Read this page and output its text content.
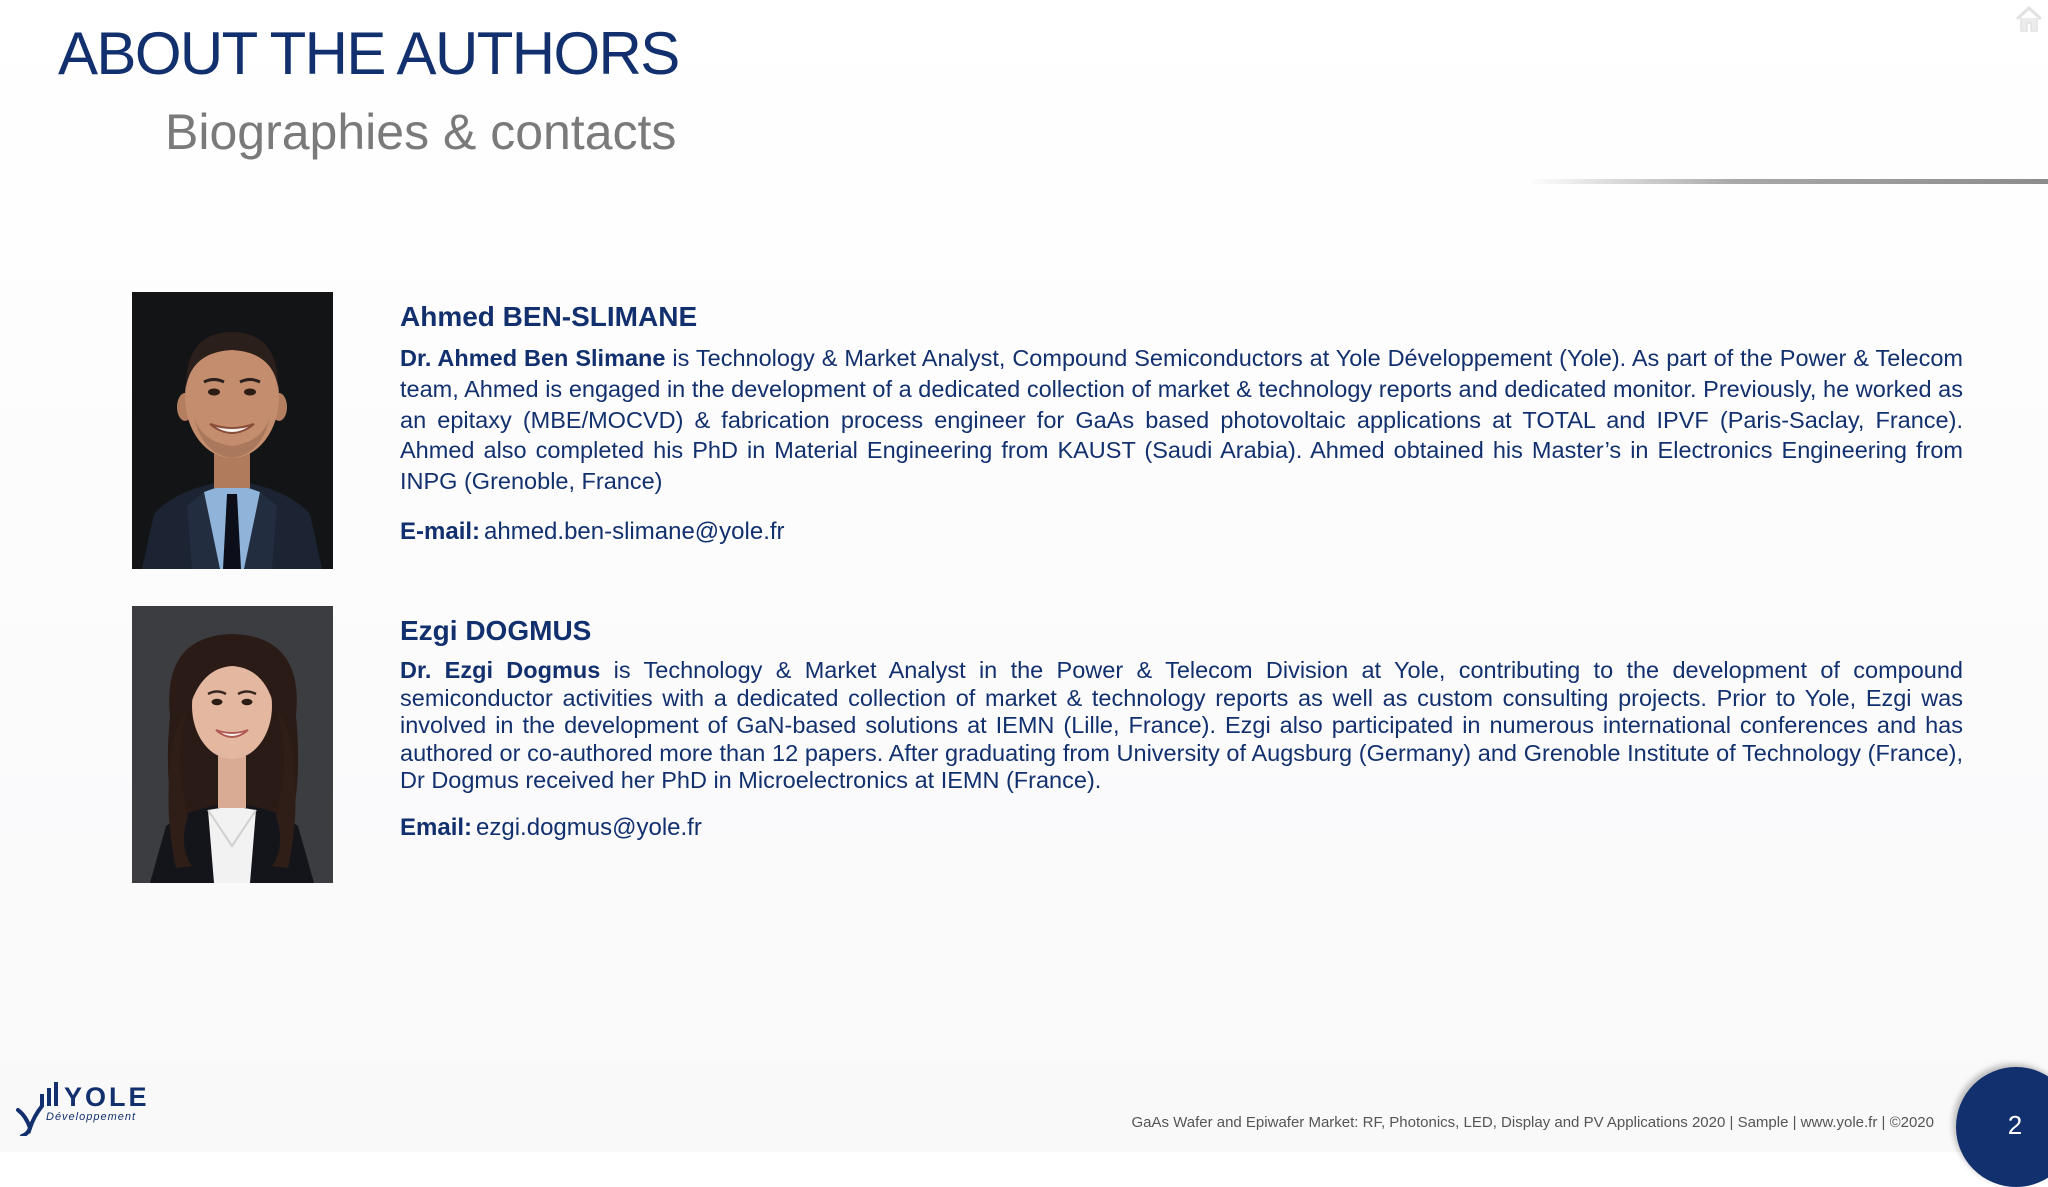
ABOUT THE AUTHORS
Biographies & contacts
Ahmed BEN-SLIMANE

Dr. Ahmed Ben Slimane is Technology & Market Analyst, Compound Semiconductors at Yole Développement (Yole). As part of the Power & Telecom team, Ahmed is engaged in the development of a dedicated collection of market & technology reports and dedicated monitor. Previously, he worked as an epitaxy (MBE/MOCVD) & fabrication process engineer for GaAs based photovoltaic applications at TOTAL and IPVF (Paris-Saclay, France). Ahmed also completed his PhD in Material Engineering from KAUST (Saudi Arabia). Ahmed obtained his Master’s in Electronics Engineering from INPG (Grenoble, France)

E-mail: ahmed.ben-slimane@yole.fr

Ezgi DOGMUS

Dr. Ezgi Dogmus is Technology & Market Analyst in the Power & Telecom Division at Yole, contributing to the development of compound semiconductor activities with a dedicated collection of market & technology reports as well as custom consulting projects. Prior to Yole, Ezgi was involved in the development of GaN-based solutions at IEMN (Lille, France). Ezgi also participated in numerous international conferences and has authored or co-authored more than 12 papers. After graduating from University of Augsburg (Germany) and Grenoble Institute of Technology (France), Dr Dogmus received her PhD in Microelectronics at IEMN (France).

Email: ezgi.dogmus@yole.fr

YOLE
Développement	GaAs Wafer and Epiwafer Market: RF, Photonics, LED, Display and PV Applications 2020 | Sample | www.yole.fr | ©2020	2
